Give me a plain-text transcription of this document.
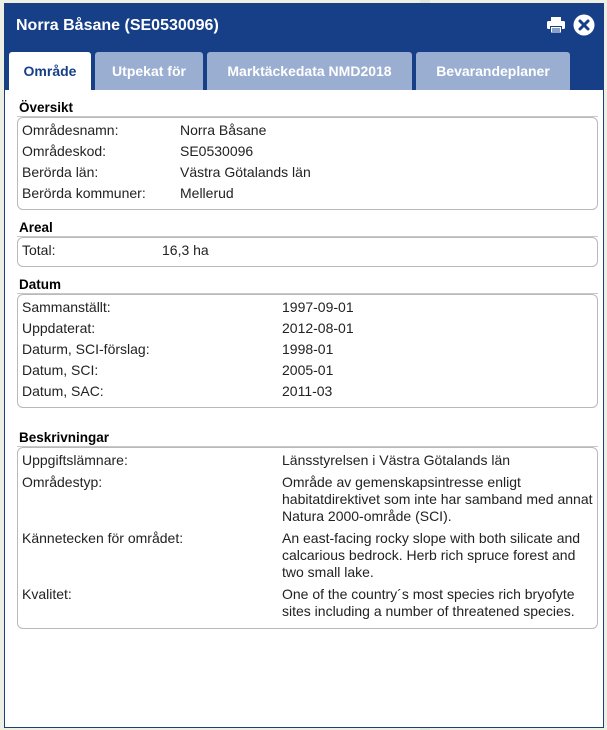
Norra Båsane (SE0530096)
Område	Utpekat för	Marktäckedata NMD2018	Bevarandeplaner
Översikt
Områdesnamn:	Norra Båsane
Områdeskod:	SE0530096
Berörda län:	Västra Götalands län
Berörda kommuner:	Mellerud
Areal
Total:	16,3 ha
Datum
Sammanställt:	1997-09-01
Uppdaterat:	2012-08-01
Daturm, SCI-förslag:	1998-01
Datum, SCI:	2005-01
Datum, SAC:	2011-03
Beskrivningar
Uppgiftslämnare:	Länsstyrelsen i Västra Götalands län
Områdestyp:	Område av gemenskapsintresse enligt habitatdirektivet som inte har samband med annat Natura 2000-område (SCI).
Kännetecken för området:	An east-facing rocky slope with both silicate and calcarious bedrock. Herb rich spruce forest and two small lake.
Kvalitet:	One of the country´s most species rich bryofyte sites including a number of threatened species.
